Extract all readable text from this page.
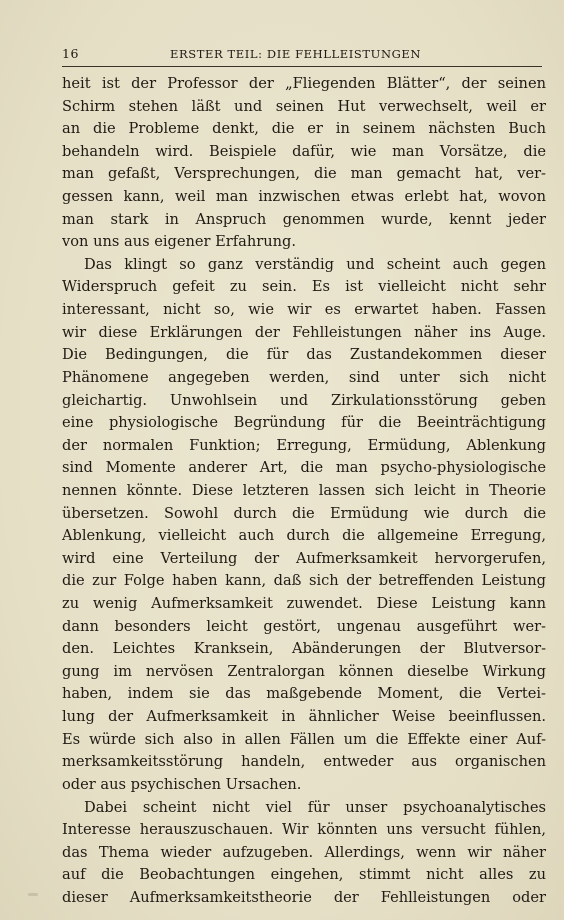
16	ERSTER TEIL: DIE FEHLLEISTUNGEN
heit ist der Professor der „Fliegenden Blätter“, der seinen
Schirm stehen läßt und seinen Hut verwechselt, weil er
an die Probleme denkt, die er in seinem nächsten Buch
behandeln wird. Beispiele dafür, wie man Vorsätze, die
man gefaßt, Versprechungen, die man gemacht hat, ver-
gessen kann, weil man inzwischen etwas erlebt hat, wovon
man stark in Anspruch genommen wurde, kennt jeder
von uns aus eigener Erfahrung.
Das klingt so ganz verständig und scheint auch gegen
Widerspruch gefeit zu sein. Es ist vielleicht nicht sehr
interessant, nicht so, wie wir es erwartet haben. Fassen
wir diese Erklärungen der Fehlleistungen näher ins Auge.
Die Bedingungen, die für das Zustandekommen dieser
Phänomene angegeben werden, sind unter sich nicht
gleichartig. Unwohlsein und Zirkulationsstörung geben
eine physiologische Begründung für die Beeinträchtigung
der normalen Funktion; Erregung, Ermüdung, Ablenkung
sind Momente anderer Art, die man psycho-physiologische
nennen könnte. Diese letzteren lassen sich leicht in Theorie
übersetzen. Sowohl durch die Ermüdung wie durch die
Ablenkung, vielleicht auch durch die allgemeine Erregung,
wird eine Verteilung der Aufmerksamkeit hervorgerufen,
die zur Folge haben kann, daß sich der betreffenden Leistung
zu wenig Aufmerksamkeit zuwendet. Diese Leistung kann
dann besonders leicht gestört, ungenau ausgeführt wer-
den. Leichtes Kranksein, Abänderungen der Blutversor-
gung im nervösen Zentralorgan können dieselbe Wirkung
haben, indem sie das maßgebende Moment, die Vertei-
lung der Aufmerksamkeit in ähnlicher Weise beeinflussen.
Es würde sich also in allen Fällen um die Effekte einer Auf-
merksamkeitsstörung handeln, entweder aus organischen
oder aus psychischen Ursachen.
Dabei scheint nicht viel für unser psychoanalytisches
Interesse herauszuschauen. Wir könnten uns versucht fühlen,
das Thema wieder aufzugeben. Allerdings, wenn wir näher
auf die Beobachtungen eingehen, stimmt nicht alles zu
dieser Aufmerksamkeitstheorie der Fehlleistungen oder
